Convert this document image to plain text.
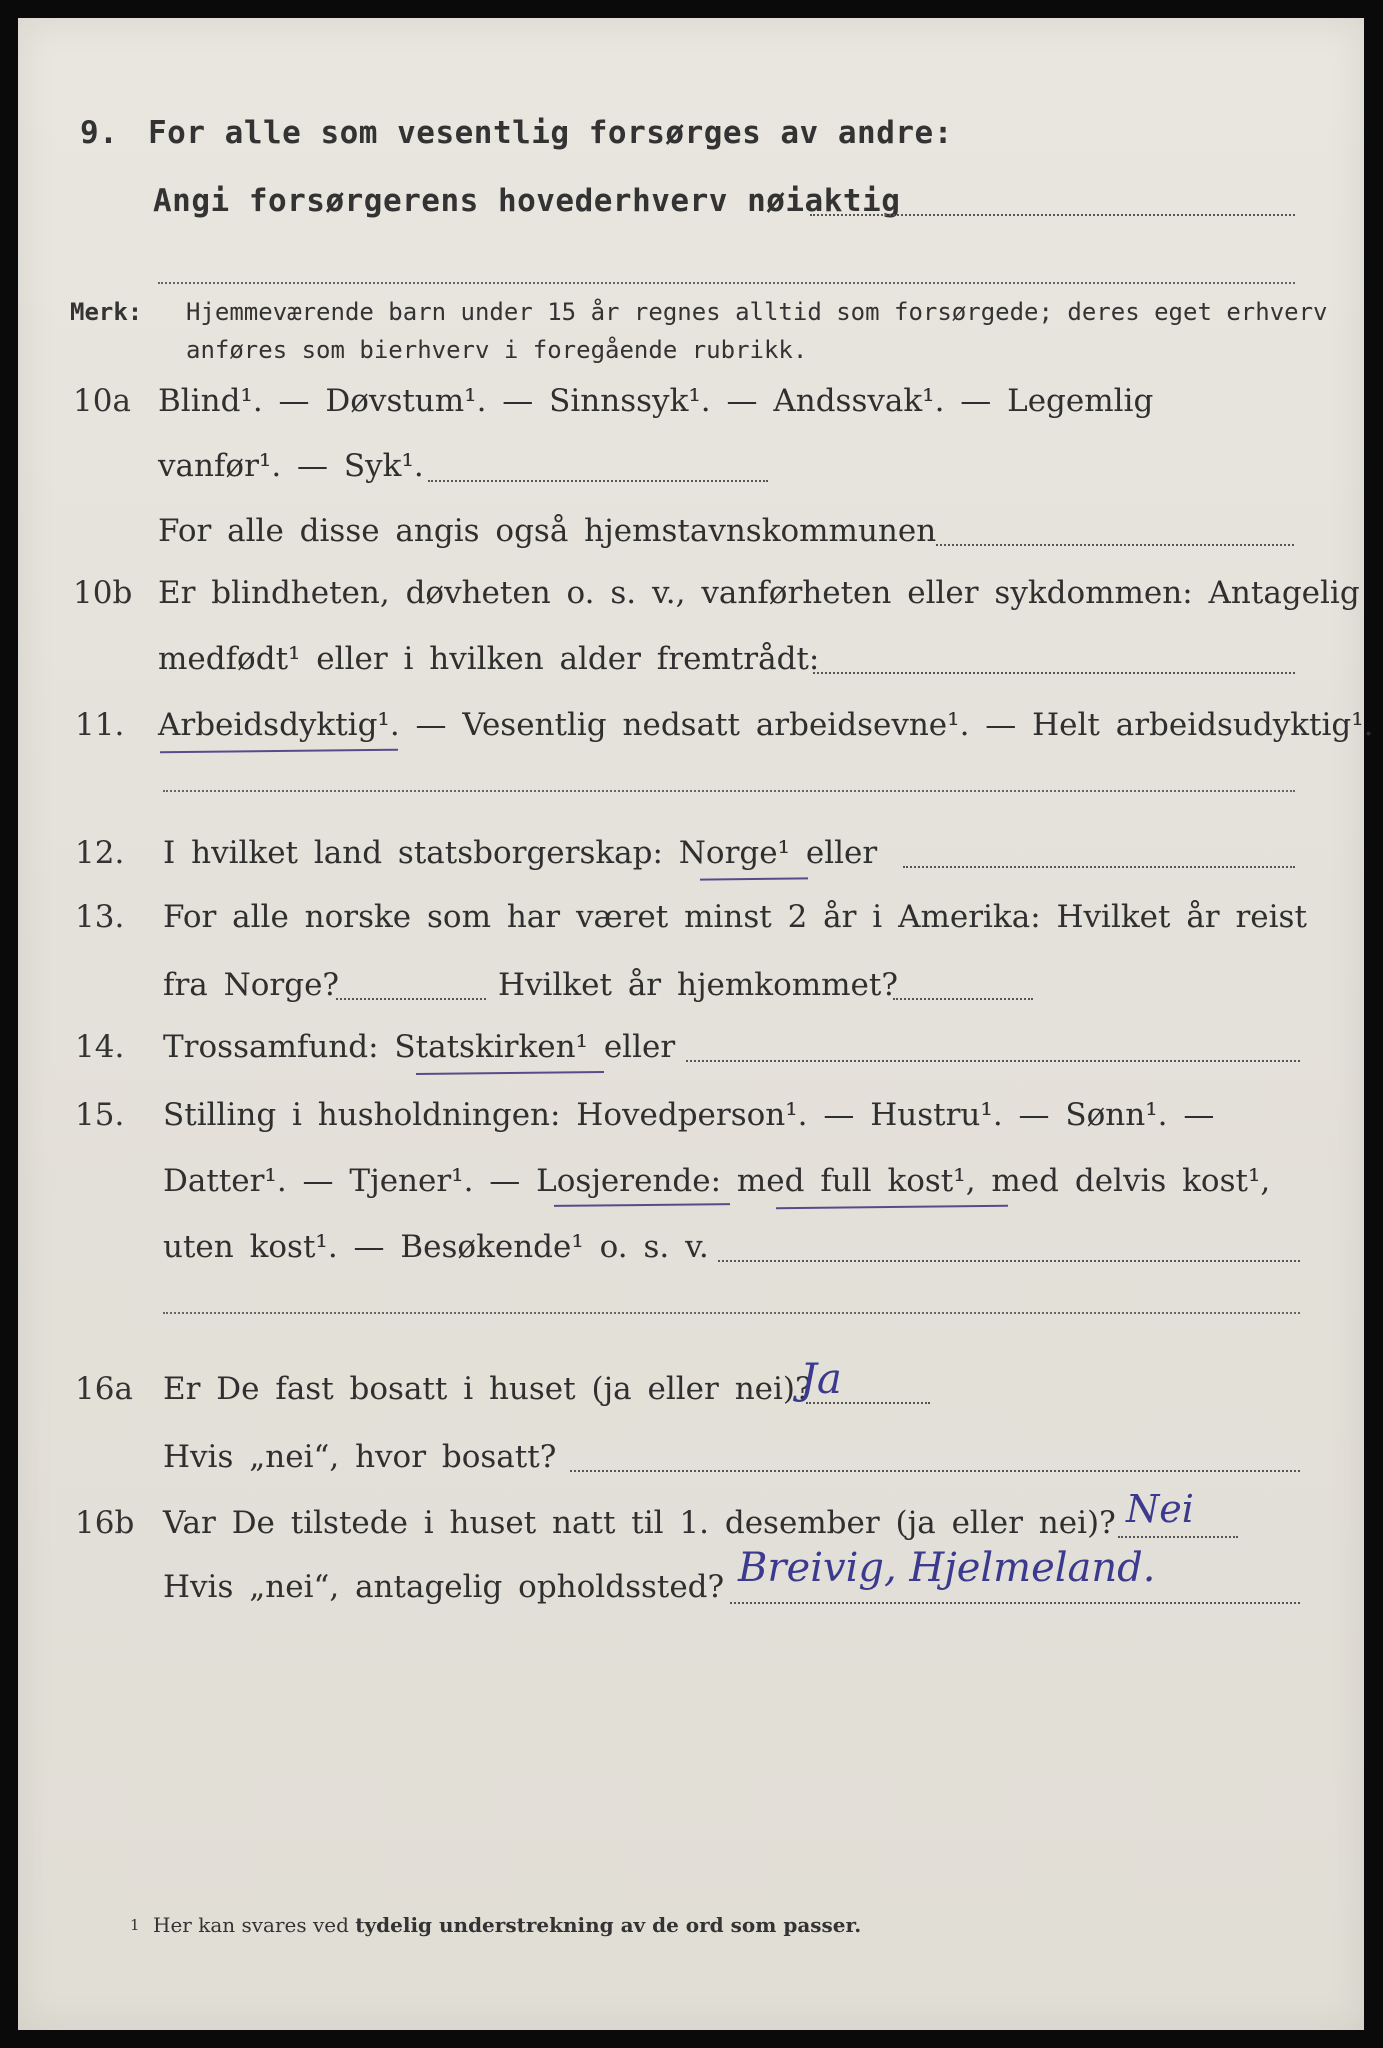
9. For alle som vesentlig forsørges av andre:
Angi forsørgerens hovederhverv nøiaktig
Merk: Hjemmeværende barn under 15 år regnes alltid som forsørgede; deres eget erhverv
anføres som bierhverv i foregående rubrikk.
10a Blind¹. — Døvstum¹. — Sinnssyk¹. — Andssvak¹. — Legemlig
vanfør¹. — Syk¹.
For alle disse angis også hjemstavnskommunen
10b Er blindheten, døvheten o. s. v., vanførheten eller sykdommen: Antagelig
medfødt¹ eller i hvilken alder fremtrådt:
11. Arbeidsdyktig¹. — Vesentlig nedsatt arbeidsevne¹. — Helt arbeidsudyktig¹.
12. I hvilket land statsborgerskap: Norge¹ eller
13. For alle norske som har været minst 2 år i Amerika: Hvilket år reist
fra Norge?	Hvilket år hjemkommet?
14. Trossamfund: Statskirken¹ eller
15. Stilling i husholdningen: Hovedperson¹. — Hustru¹. — Sønn¹. —
Datter¹. — Tjener¹. — Losjerende: med full kost¹, med delvis kost¹,
uten kost¹. — Besøkende¹ o. s. v.
16a Er De fast bosatt i huset (ja eller nei)?
Ja
Hvis „nei“, hvor bosatt?
16b Var De tilstede i huset natt til 1. desember (ja eller nei)? Nei
Hvis „nei“, antagelig opholdssted? Breivig, Hjelmeland.
1 Her kan svares ved tydelig understrekning av de ord som passer.
